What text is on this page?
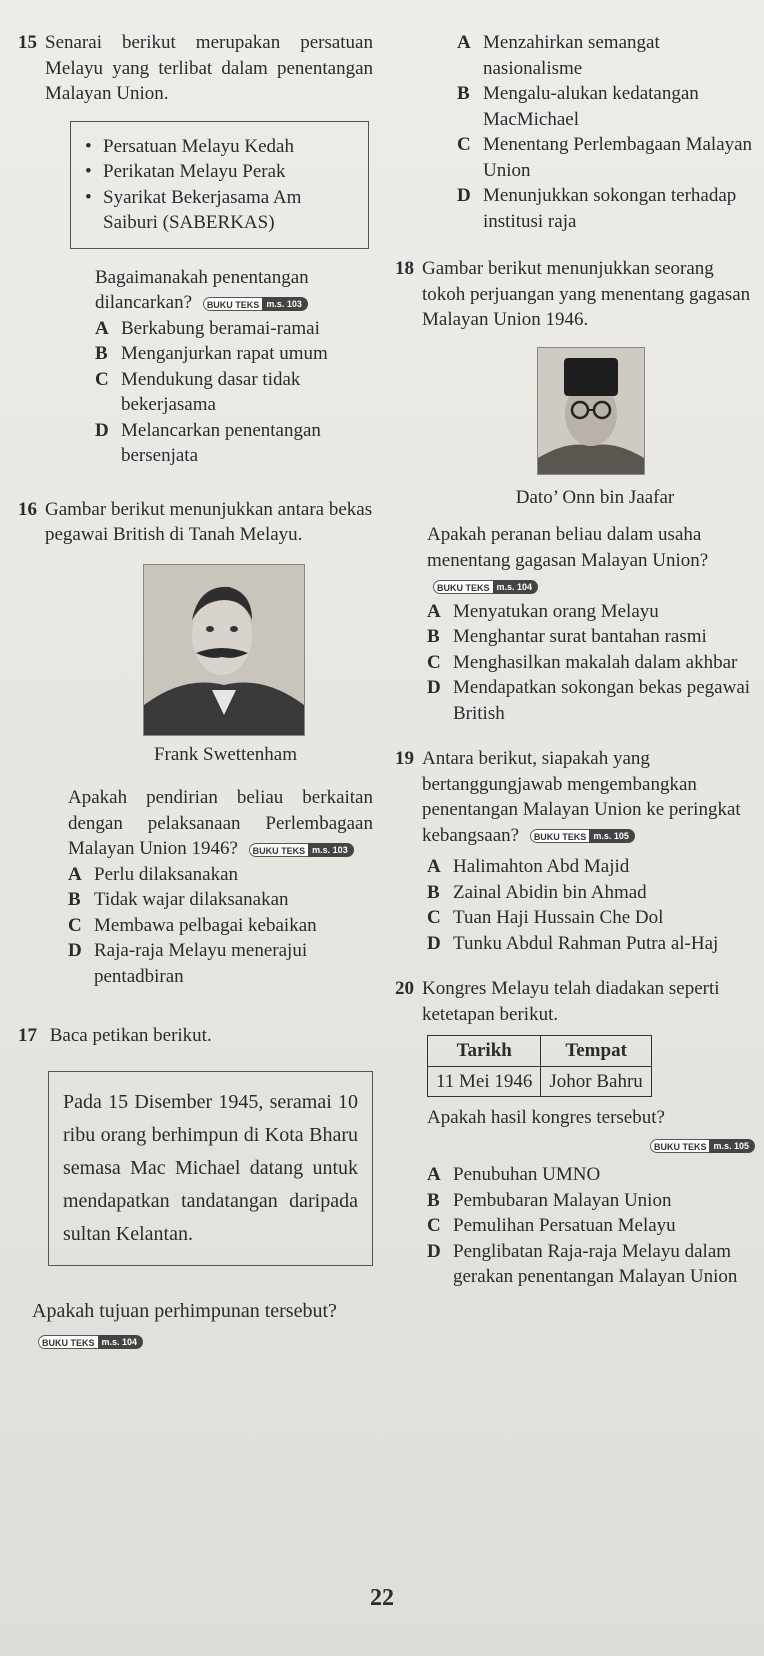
15 Senarai berikut merupakan persatuan Melayu yang terlibat dalam penentangan Malayan Union.

• Persatuan Melayu Kedah
• Perikatan Melayu Perak
• Syarikat Bekerjasama Am Saiburi (SABERKAS)

Bagaimanakah penentangan dilancarkan?	BUKU TEKS m.s. 103

A Berkabung beramai-ramai
B Menganjurkan rapat umum
C Mendukung dasar tidak bekerjasama
D Melancarkan penentangan bersenjata

16 Gambar berikut menunjukkan antara bekas pegawai British di Tanah Melayu.

Frank Swettenham

Apakah pendirian beliau berkaitan dengan pelaksanaan Perlembagaan Malayan Union 1946?	BUKU TEKS m.s. 103

A Perlu dilaksanakan
B Tidak wajar dilaksanakan
C Membawa pelbagai kebaikan
D Raja-raja Melayu menerajui pentadbiran

17 Baca petikan berikut.

Pada 15 Disember 1945, seramai 10 ribu orang berhimpun di Kota Bharu semasa Mac Michael datang untuk mendapatkan tandatangan daripada sultan Kelantan.

Apakah tujuan perhimpunan tersebut?
BUKU TEKS m.s. 104

A Menzahirkan semangat nasionalisme
B Mengalu-alukan kedatangan MacMichael
C Menentang Perlembagaan Malayan Union
D Menunjukkan sokongan terhadap institusi raja

18 Gambar berikut menunjukkan seorang tokoh perjuangan yang menentang gagasan Malayan Union 1946.

Dato’ Onn bin Jaafar

Apakah peranan beliau dalam usaha menentang gagasan Malayan Union?
BUKU TEKS m.s. 104

A Menyatukan orang Melayu
B Menghantar surat bantahan rasmi
C Menghasilkan makalah dalam akhbar
D Mendapatkan sokongan bekas pegawai British

19 Antara berikut, siapakah yang bertanggungjawab mengembangkan penentangan Malayan Union ke peringkat kebangsaan?	BUKU TEKS m.s. 105

A Halimahton Abd Majid
B Zainal Abidin bin Ahmad
C Tuan Haji Hussain Che Dol
D Tunku Abdul Rahman Putra al-Haj

20 Kongres Melayu telah diadakan seperti ketetapan berikut.

Tarikh	Tempat
11 Mei 1946	Johor Bahru

Apakah hasil kongres tersebut?

BUKU TEKS m.s. 105
A Penubuhan UMNO
B Pembubaran Malayan Union
C Pemulihan Persatuan Melayu
D Penglibatan Raja-raja Melayu dalam gerakan penentangan Malayan Union
22
